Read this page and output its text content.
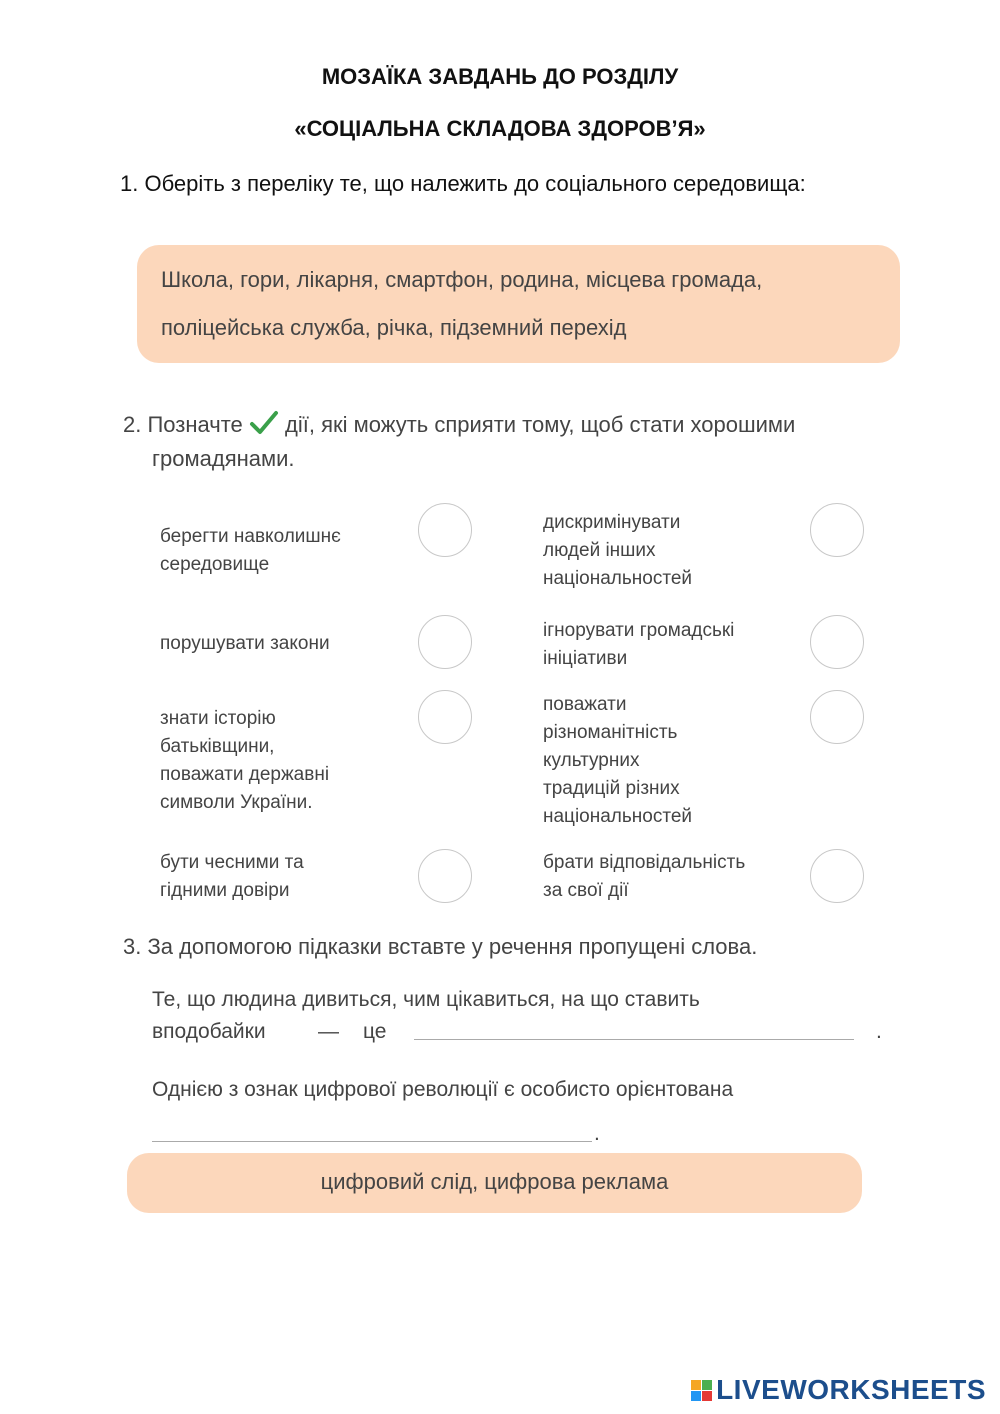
МОЗАЇКА ЗАВДАНЬ ДО РОЗДІЛУ
«СОЦІАЛЬНА СКЛАДОВА ЗДОРОВ’Я»
1. Оберіть з переліку те, що належить до соціального середовища:
Школа, гори, лікарня, смартфон, родина, місцева громада,
поліцейська служба, річка, підземний перехід
2. Позначте дії, які можуть сприяти тому, щоб стати хорошими
громадянами.
берегти навколишнє
середовище
порушувати закони
знати історію
батьківщини,
поважати державні
символи України.
бути чесними та
гідними довіри
дискримінувати
людей інших
національностей
ігнорувати громадські
ініціативи
поважати
різноманітність
культурних
традицій різних
національностей
брати відповідальність
за свої дії
3. За допомогою підказки вставте у речення пропущені слова.
Те, що людина дивиться, чим цікавиться, на що ставить
вподобайки — це	.
Однією з ознак цифрової революції є особисто орієнтована
.
цифровий слід, цифрова реклама
LIVEWORKSHEETS
